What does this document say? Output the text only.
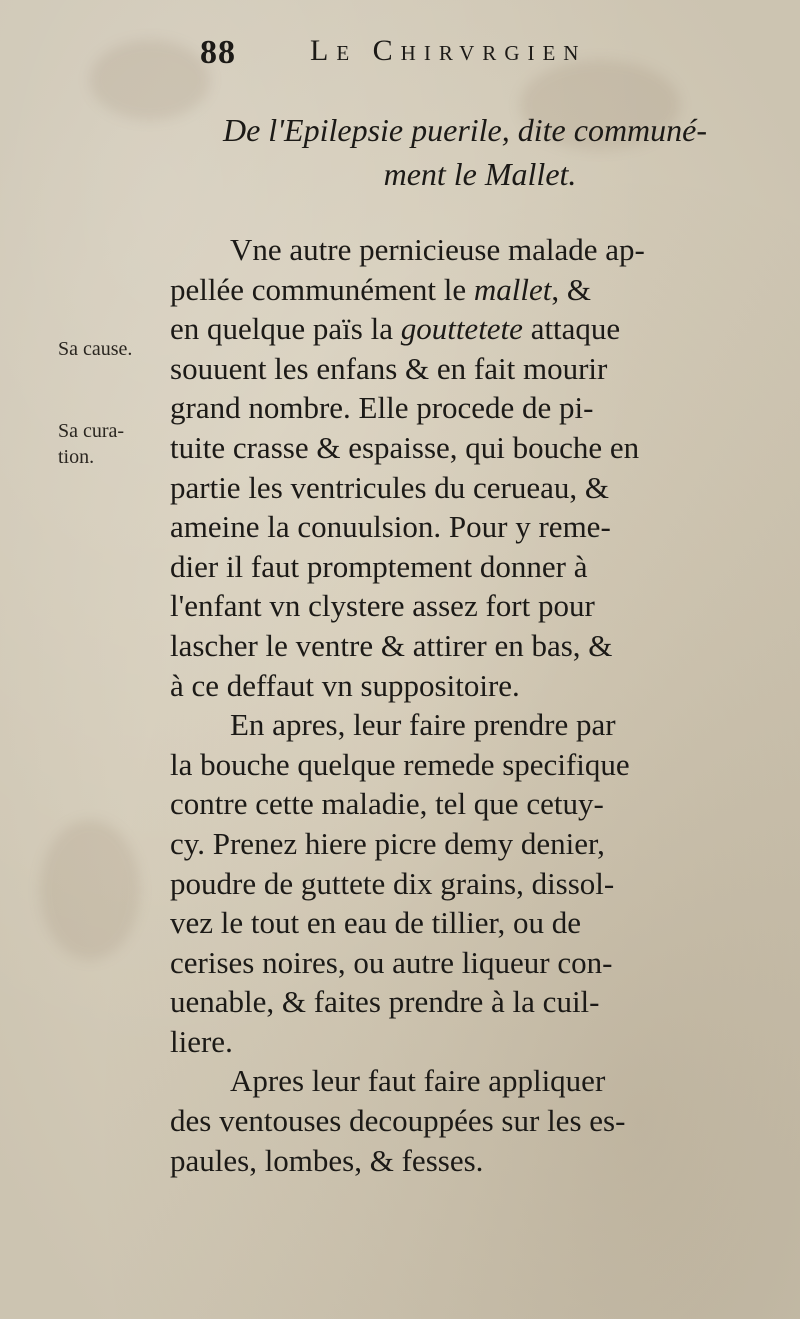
88 Le Chirvrgien
De l'Epilepsie puerile, dite communé-
ment le Mallet.
Sa cause.
Sa cura-
tion.
Vne autre pernicieuse malade ap-
pellée communément le mallet, &
en quelque païs la gouttetete attaque
souuent les enfans & en fait mourir
grand nombre. Elle procede de pi-
tuite crasse & espaisse, qui bouche en
partie les ventricules du cerueau, &
ameine la conuulsion. Pour y reme-
dier il faut promptement donner à
l'enfant vn clystere assez fort pour
lascher le ventre & attirer en bas, &
à ce deffaut vn suppositoire.
En apres, leur faire prendre par
la bouche quelque remede specifique
contre cette maladie, tel que cetuy-
cy. Prenez hiere picre demy denier,
poudre de guttete dix grains, dissol-
vez le tout en eau de tillier, ou de
cerises noires, ou autre liqueur con-
uenable, & faites prendre à la cuil-
liere.
Apres leur faut faire appliquer
des ventouses decouppées sur les es-
paules, lombes, & fesses.
